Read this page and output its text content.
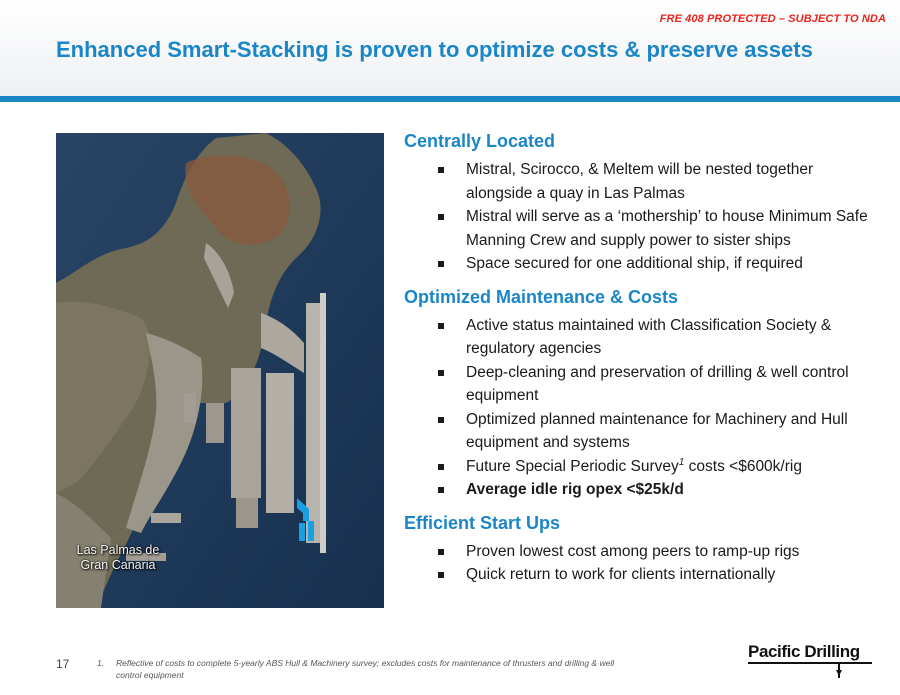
FRE 408 PROTECTED – SUBJECT TO NDA
Enhanced Smart-Stacking is proven to optimize costs & preserve assets
Las Palmas de
Gran Canaria
Centrally Located
Mistral, Scirocco, & Meltem will be nested together alongside a quay in Las Palmas
Mistral will serve as a ‘mothership’ to house Minimum Safe Manning Crew and supply power to sister ships
Space secured for one additional ship, if required
Optimized Maintenance & Costs
Active status maintained with Classification Society & regulatory agencies
Deep-cleaning and preservation of drilling & well control equipment
Optimized planned maintenance for Machinery and Hull equipment and systems
Future Special Periodic Survey$^1$ costs <$600k/rig
Average idle rig opex <$25k/d
Efficient Start Ups
Proven lowest cost among peers to ramp-up rigs
Quick return to work for clients internationally
17	1.	Reflective of costs to complete 5-yearly ABS Hull & Machinery survey; excludes costs for maintenance of thrusters and drilling & well control equipment
Pacific Drilling
